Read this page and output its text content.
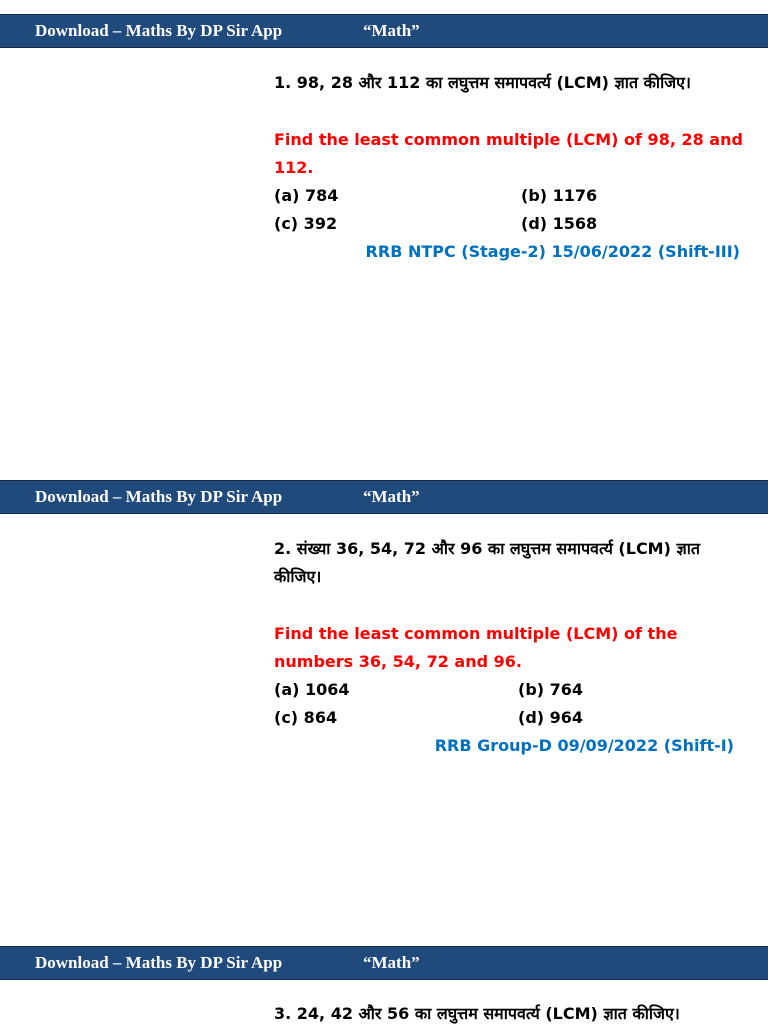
Download – Maths By DP Sir App	“Math”

1. 98, 28 और 112 का लघुत्तम समापवर्त्य (LCM) ज्ञात कीजिए।

Find the least common multiple (LCM) of 98, 28 and 112.

(a) 784	(b) 1176
(c) 392	(d) 1568
RRB NTPC (Stage-2) 15/06/2022 (Shift-III)
Download – Maths By DP Sir App	“Math”

2. संख्या 36, 54, 72 और 96 का लघुत्तम समापवर्त्य (LCM) ज्ञात कीजिए।

Find the least common multiple (LCM) of the numbers 36, 54, 72 and 96.

(a) 1064	(b) 764
(c) 864	(d) 964
RRB Group-D 09/09/2022 (Shift-I)
Download – Maths By DP Sir App	“Math”

3. 24, 42 और 56 का लघुत्तम समापवर्त्य (LCM) ज्ञात कीजिए।
